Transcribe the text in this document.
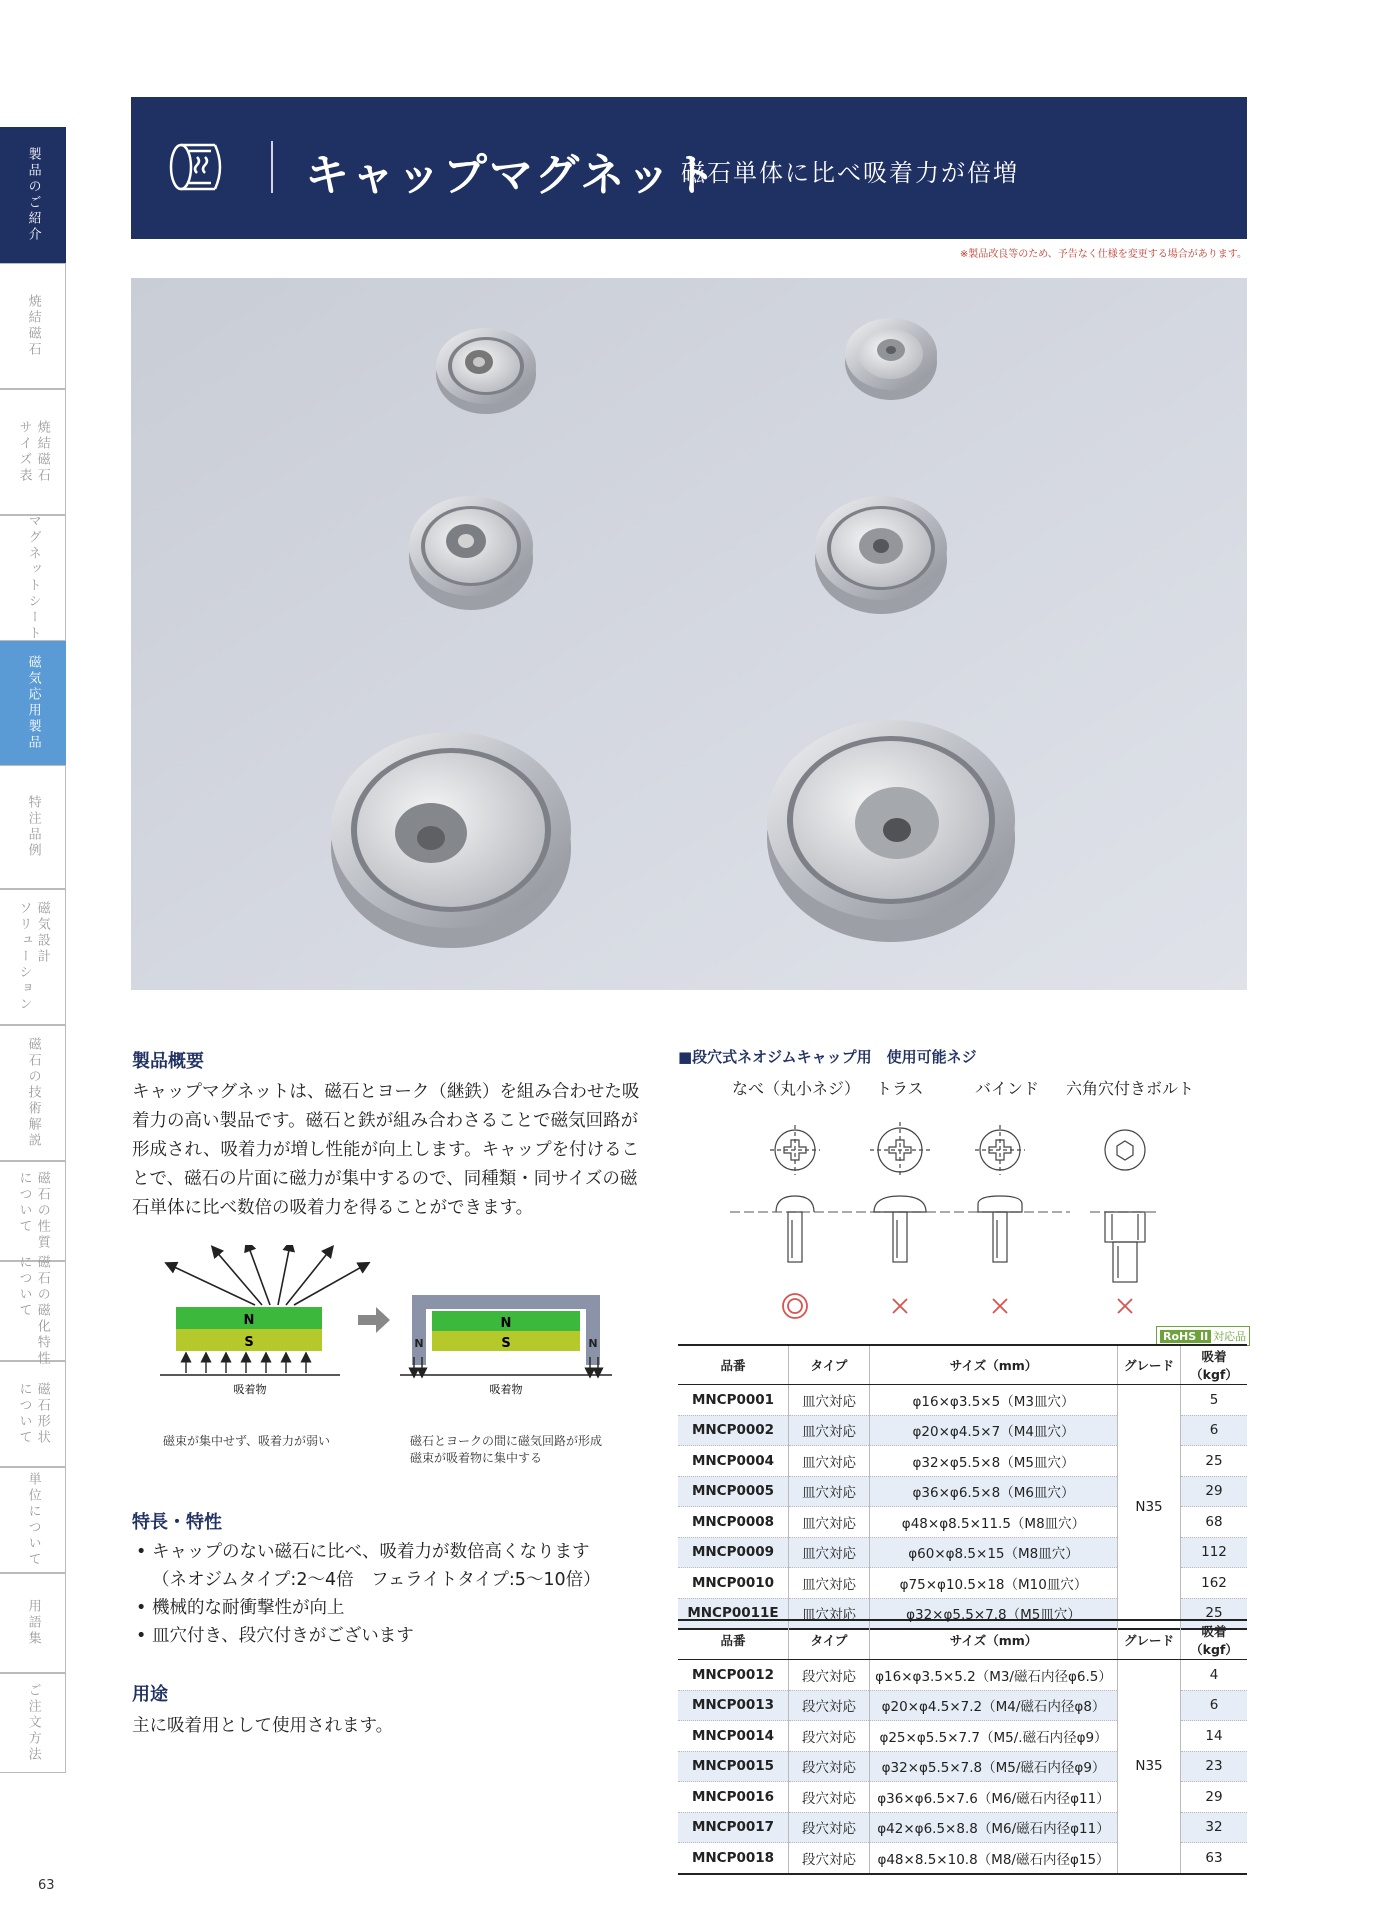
製品のご紹介
焼結磁石
焼結磁石
サイズ表
マグネットシート
磁気応用製品
特注品例
磁気設計
ソリューション
磁石の技術解説
磁石の性質
について
磁石の磁化特性
について
磁石形状
について
単位について
用語集
ご注文方法
キャップマグネット
磁石単体に比べ吸着力が倍増
※製品改良等のため、予告なく仕様を変更する場合があります。
製品概要
キャップマグネットは、磁石とヨーク（継鉄）を組み合わせた吸着力の高い製品です。磁石と鉄が組み合わさることで磁気回路が形成され、吸着力が増し性能が向上します。キャップを付けることで、磁石の片面に磁力が集中するので、同種類・同サイズの磁石単体に比べ数倍の吸着力を得ることができます。
N
S
吸着物
N
S
N	N
吸着物
磁束が集中せず、吸着力が弱い	磁石とヨークの間に磁気回路が形成
磁束が吸着物に集中する
特長・特性
• キャップのない磁石に比べ、吸着力が数倍高くなります
（ネオジムタイプ:2〜4倍　フェライトタイプ:5〜10倍）
• 機械的な耐衝撃性が向上
• 皿穴付き、段穴付きがございます
用途
主に吸着用として使用されます。
■段穴式ネオジムキャップ用　使用可能ネジ
なべ（丸小ネジ） トラス	バインド 六角穴付きボルト
RoHS II 対応品
品番	タイプ	サイズ（mm）	グレード	吸着（kgf）
MNCP0001	皿穴対応	φ16×φ3.5×5（M3皿穴）	N35	5
MNCP0002	皿穴対応	φ20×φ4.5×7（M4皿穴）		6
MNCP0004	皿穴対応	φ32×φ5.5×8（M5皿穴）		25
MNCP0005	皿穴対応	φ36×φ6.5×8（M6皿穴）		29
MNCP0008	皿穴対応	φ48×φ8.5×11.5（M8皿穴）		68
MNCP0009	皿穴対応	φ60×φ8.5×15（M8皿穴）		112
MNCP0010	皿穴対応	φ75×φ10.5×18（M10皿穴）		162
MNCP0011E	皿穴対応	φ32×φ5.5×7.8（M5皿穴）		25
品番	タイプ	サイズ（mm）	グレード	吸着（kgf）
MNCP0012	段穴対応	φ16×φ3.5×5.2（M3/磁石内径φ6.5）	N35	4
MNCP0013	段穴対応	φ20×φ4.5×7.2（M4/磁石内径φ8）		6
MNCP0014	段穴対応	φ25×φ5.5×7.7（M5/.磁石内径φ9）		14
MNCP0015	段穴対応	φ32×φ5.5×7.8（M5/磁石内径φ9）		23
MNCP0016	段穴対応	φ36×φ6.5×7.6（M6/磁石内径φ11）		29
MNCP0017	段穴対応	φ42×φ6.5×8.8（M6/磁石内径φ11）		32
MNCP0018	段穴対応	φ48×8.5×10.8（M8/磁石内径φ15）		63
63
